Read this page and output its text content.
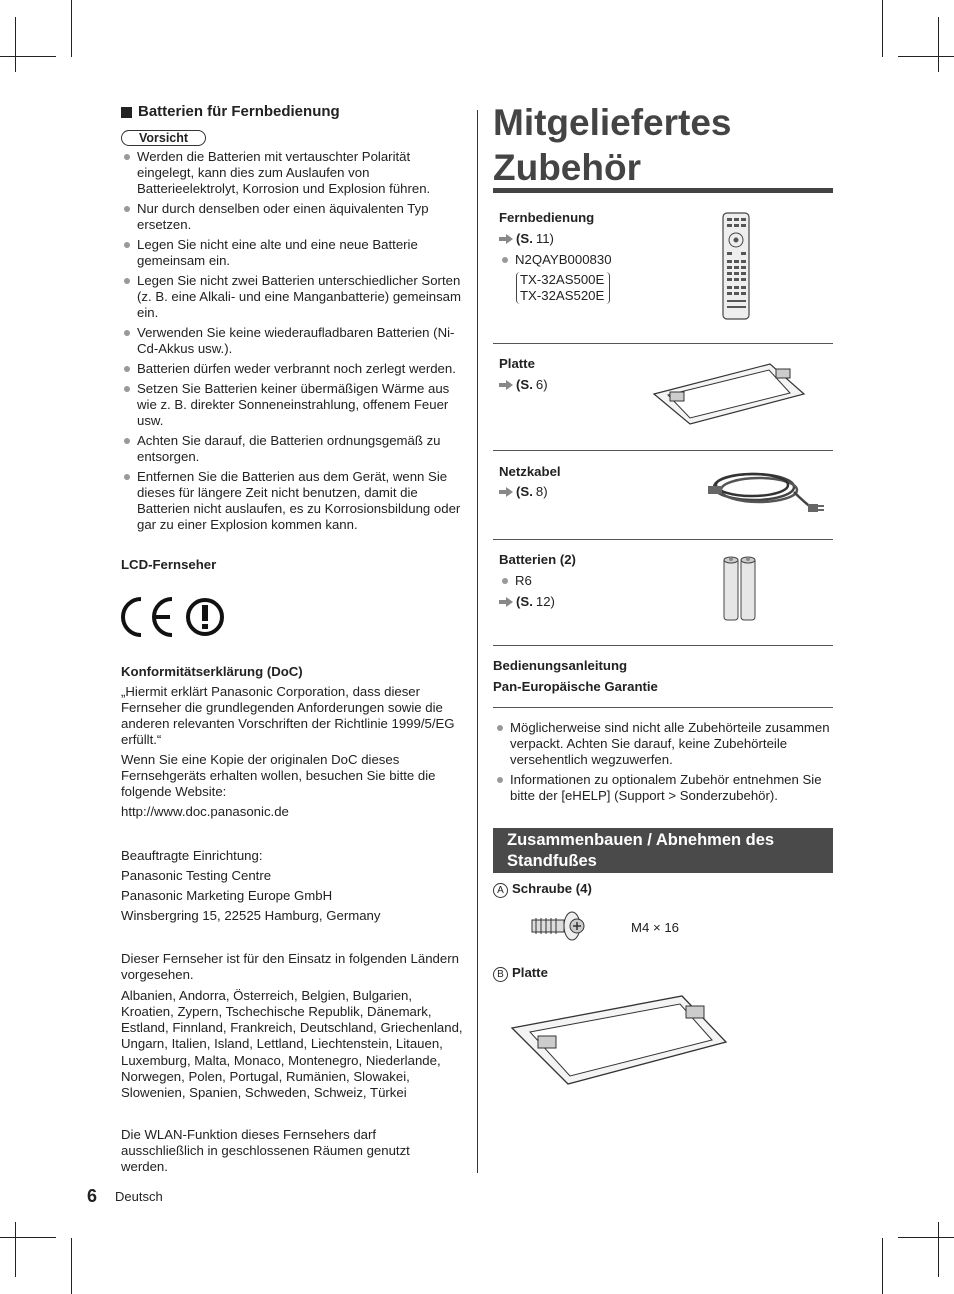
Batterien für Fernbedienung
Vorsicht
Werden die Batterien mit vertauschter Polarität eingelegt, kann dies zum Auslaufen von Batterieelektrolyt, Korrosion und Explosion führen.
Nur durch denselben oder einen äquivalenten Typ ersetzen.
Legen Sie nicht eine alte und eine neue Batterie gemeinsam ein.
Legen Sie nicht zwei Batterien unterschiedlicher Sorten (z. B. eine Alkali- und eine Manganbatterie) gemeinsam ein.
Verwenden Sie keine wiederaufladbaren Batterien (Ni-Cd-Akkus usw.).
Batterien dürfen weder verbrannt noch zerlegt werden.
Setzen Sie Batterien keiner übermäßigen Wärme aus wie z. B. direkter Sonneneinstrahlung, offenem Feuer usw.
Achten Sie darauf, die Batterien ordnungsgemäß zu entsorgen.
Entfernen Sie die Batterien aus dem Gerät, wenn Sie dieses für längere Zeit nicht benutzen, damit die Batterien nicht auslaufen, es zu Korrosionsbildung oder gar zu einer Explosion kommen kann.
LCD-Fernseher

Konformitätserklärung (DoC)

„Hiermit erklärt Panasonic Corporation, dass dieser Fernseher die grundlegenden Anforderungen sowie die anderen relevanten Vorschriften der Richtlinie 1999/5/EG erfüllt.“

Wenn Sie eine Kopie der originalen DoC dieses Fernsehgeräts erhalten wollen, besuchen Sie bitte die folgende Website:

http://www.doc.panasonic.de

Beauftragte Einrichtung:

Panasonic Testing Centre

Panasonic Marketing Europe GmbH

Winsbergring 15, 22525 Hamburg, Germany

Dieser Fernseher ist für den Einsatz in folgenden Ländern vorgesehen.

Albanien, Andorra, Österreich, Belgien, Bulgarien, Kroatien, Zypern, Tschechische Republik, Dänemark, Estland, Finnland, Frankreich, Deutschland, Griechenland, Ungarn, Italien, Island, Lettland, Liechtenstein, Litauen, Luxemburg, Malta, Monaco, Montenegro, Niederlande, Norwegen, Polen, Portugal, Rumänien, Slowakei, Slowenien, Spanien, Schweden, Schweiz, Türkei

Die WLAN-Funktion dieses Fernsehers darf ausschließlich in geschlossenen Räumen genutzt werden.
Mitgeliefertes
Zubehör
Fernbedienung
(S. 11)
N2QAYB000830
TX-32AS500E
TX-32AS520E
Platte
(S. 6)
Netzkabel
(S. 8)
Batterien (2)
R6
(S. 12)
Bedienungsanleitung
Pan-Europäische Garantie
Möglicherweise sind nicht alle Zubehörteile zusammen verpackt. Achten Sie darauf, keine Zubehörteile versehentlich wegzuwerfen.
Informationen zu optionalem Zubehör entnehmen Sie bitte der [eHELP] (Support > Sonderzubehör).
Zusammenbauen / Abnehmen des Standfußes
A Schraube (4)
M4 × 16
B Platte
6 Deutsch
